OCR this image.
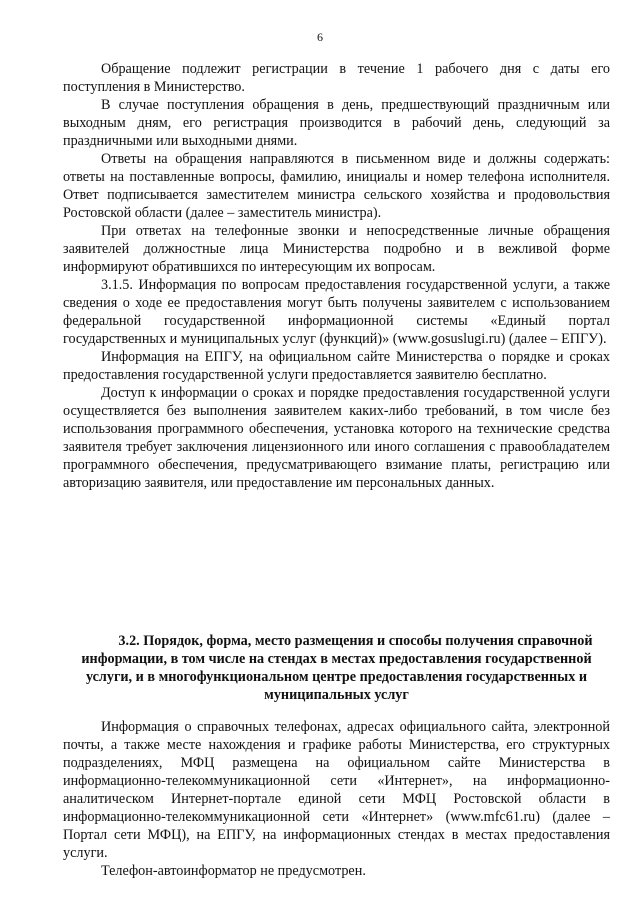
6

Обращение подлежит регистрации в течение 1 рабочего дня с даты его поступления в Министерство.

В случае поступления обращения в день, предшествующий праздничным или выходным дням, его регистрация производится в рабочий день, следующий за праздничными или выходными днями.

Ответы на обращения направляются в письменном виде и должны содержать: ответы на поставленные вопросы, фамилию, инициалы и номер телефона исполнителя. Ответ подписывается заместителем министра сельского хозяйства и продовольствия Ростовской области (далее – заместитель министра).

При ответах на телефонные звонки и непосредственные личные обращения заявителей должностные лица Министерства подробно и в вежливой форме информируют обратившихся по интересующим их вопросам.

3.1.5. Информация по вопросам предоставления государственной услуги, а также сведения о ходе ее предоставления могут быть получены заявителем с использованием федеральной государственной информационной системы «Единый портал государственных и муниципальных услуг (функций)» (www.gosuslugi.ru) (далее – ЕПГУ).

Информация на ЕПГУ, на официальном сайте Министерства о порядке и сроках предоставления государственной услуги предоставляется заявителю бесплатно.

Доступ к информации о сроках и порядке предоставления государственной услуги осуществляется без выполнения заявителем каких-либо требований, в том числе без использования программного обеспечения, установка которого на технические средства заявителя требует заключения лицензионного или иного соглашения с правообладателем программного обеспечения, предусматривающего взимание платы, регистрацию или авторизацию заявителя, или предоставление им персональных данных.

3.2. Порядок, форма, место размещения и способы получения справочной информации, в том числе на стендах в местах предоставления государственной услуги, и в многофункциональном центре предоставления государственных и муниципальных услуг

Информация о справочных телефонах, адресах официального сайта, электронной почты, а также месте нахождения и графике работы Министерства, его структурных подразделениях, МФЦ размещена на официальном сайте Министерства в информационно-телекоммуникационной сети «Интернет», на информационно-аналитическом Интернет-портале единой сети МФЦ Ростовской области в информационно-телекоммуникационной сети «Интернет» (www.mfc61.ru) (далее – Портал сети МФЦ), на ЕПГУ, на информационных стендах в местах предоставления услуги.

Телефон-автоинформатор не предусмотрен.
